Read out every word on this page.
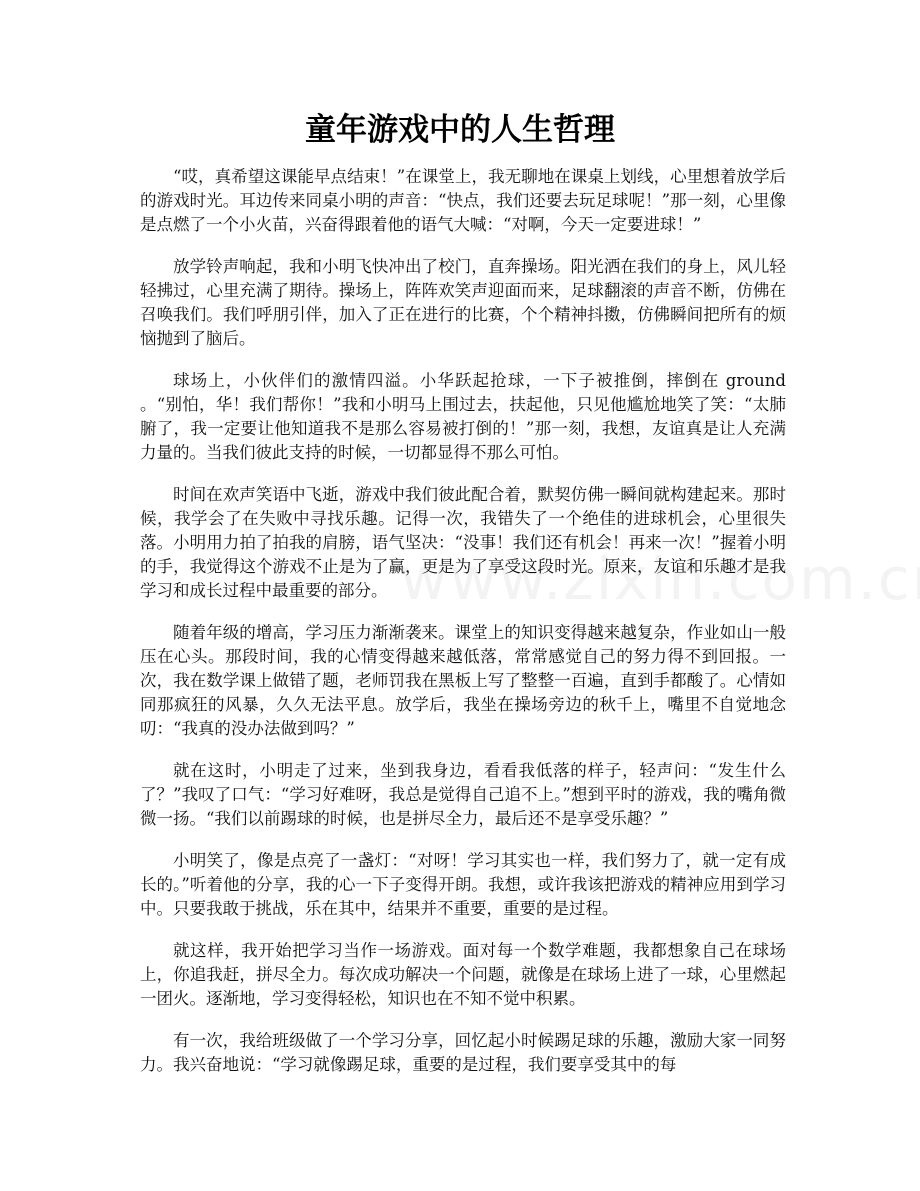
童年游戏中的人生哲理

“哎，真希望这课能早点结束！”在课堂上，我无聊地在课桌上划线，心里想着放学后的游戏时光。耳边传来同桌小明的声音：“快点，我们还要去玩足球呢！”那一刻，心里像是点燃了一个小火苗，兴奋得跟着他的语气大喊：“对啊，今天一定要进球！”

放学铃声响起，我和小明飞快冲出了校门，直奔操场。阳光洒在我们的身上，风儿轻轻拂过，心里充满了期待。操场上，阵阵欢笑声迎面而来，足球翻滚的声音不断，仿佛在召唤我们。我们呼朋引伴，加入了正在进行的比赛，个个精神抖擞，仿佛瞬间把所有的烦恼抛到了脑后。

球场上，小伙伴们的激情四溢。小华跃起抢球，一下子被推倒，摔倒在 ground 。“别怕，华！我们帮你！”我和小明马上围过去，扶起他，只见他尴尬地笑了笑：“太肺腑了，我一定要让他知道我不是那么容易被打倒的！”那一刻，我想，友谊真是让人充满力量的。当我们彼此支持的时候，一切都显得不那么可怕。

时间在欢声笑语中飞逝，游戏中我们彼此配合着，默契仿佛一瞬间就构建起来。那时候，我学会了在失败中寻找乐趣。记得一次，我错失了一个绝佳的进球机会，心里很失落。小明用力拍了拍我的肩膀，语气坚决：“没事！我们还有机会！再来一次！”握着小明的手，我觉得这个游戏不止是为了赢，更是为了享受这段时光。原来，友谊和乐趣才是我学习和成长过程中最重要的部分。

随着年级的增高，学习压力渐渐袭来。课堂上的知识变得越来越复杂，作业如山一般压在心头。那段时间，我的心情变得越来越低落，常常感觉自己的努力得不到回报。一次，我在数学课上做错了题，老师罚我在黑板上写了整整一百遍，直到手都酸了。心情如同那疯狂的风暴，久久无法平息。放学后，我坐在操场旁边的秋千上，嘴里不自觉地念叨：“我真的没办法做到吗？”

就在这时，小明走了过来，坐到我身边，看看我低落的样子，轻声问：“发生什么了？”我叹了口气：“学习好难呀，我总是觉得自己追不上。”想到平时的游戏，我的嘴角微微一扬。“我们以前踢球的时候，也是拼尽全力，最后还不是享受乐趣？”

小明笑了，像是点亮了一盏灯：“对呀！学习其实也一样，我们努力了，就一定有成长的。”听着他的分享，我的心一下子变得开朗。我想，或许我该把游戏的精神应用到学习中。只要我敢于挑战，乐在其中，结果并不重要，重要的是过程。

就这样，我开始把学习当作一场游戏。面对每一个数学难题，我都想象自己在球场上，你追我赶，拼尽全力。每次成功解决一个问题，就像是在球场上进了一球，心里燃起一团火。逐渐地，学习变得轻松，知识也在不知不觉中积累。

有一次，我给班级做了一个学习分享，回忆起小时候踢足球的乐趣，激励大家一同努力。我兴奋地说：“学习就像踢足球，重要的是过程，我们要享受其中的每
